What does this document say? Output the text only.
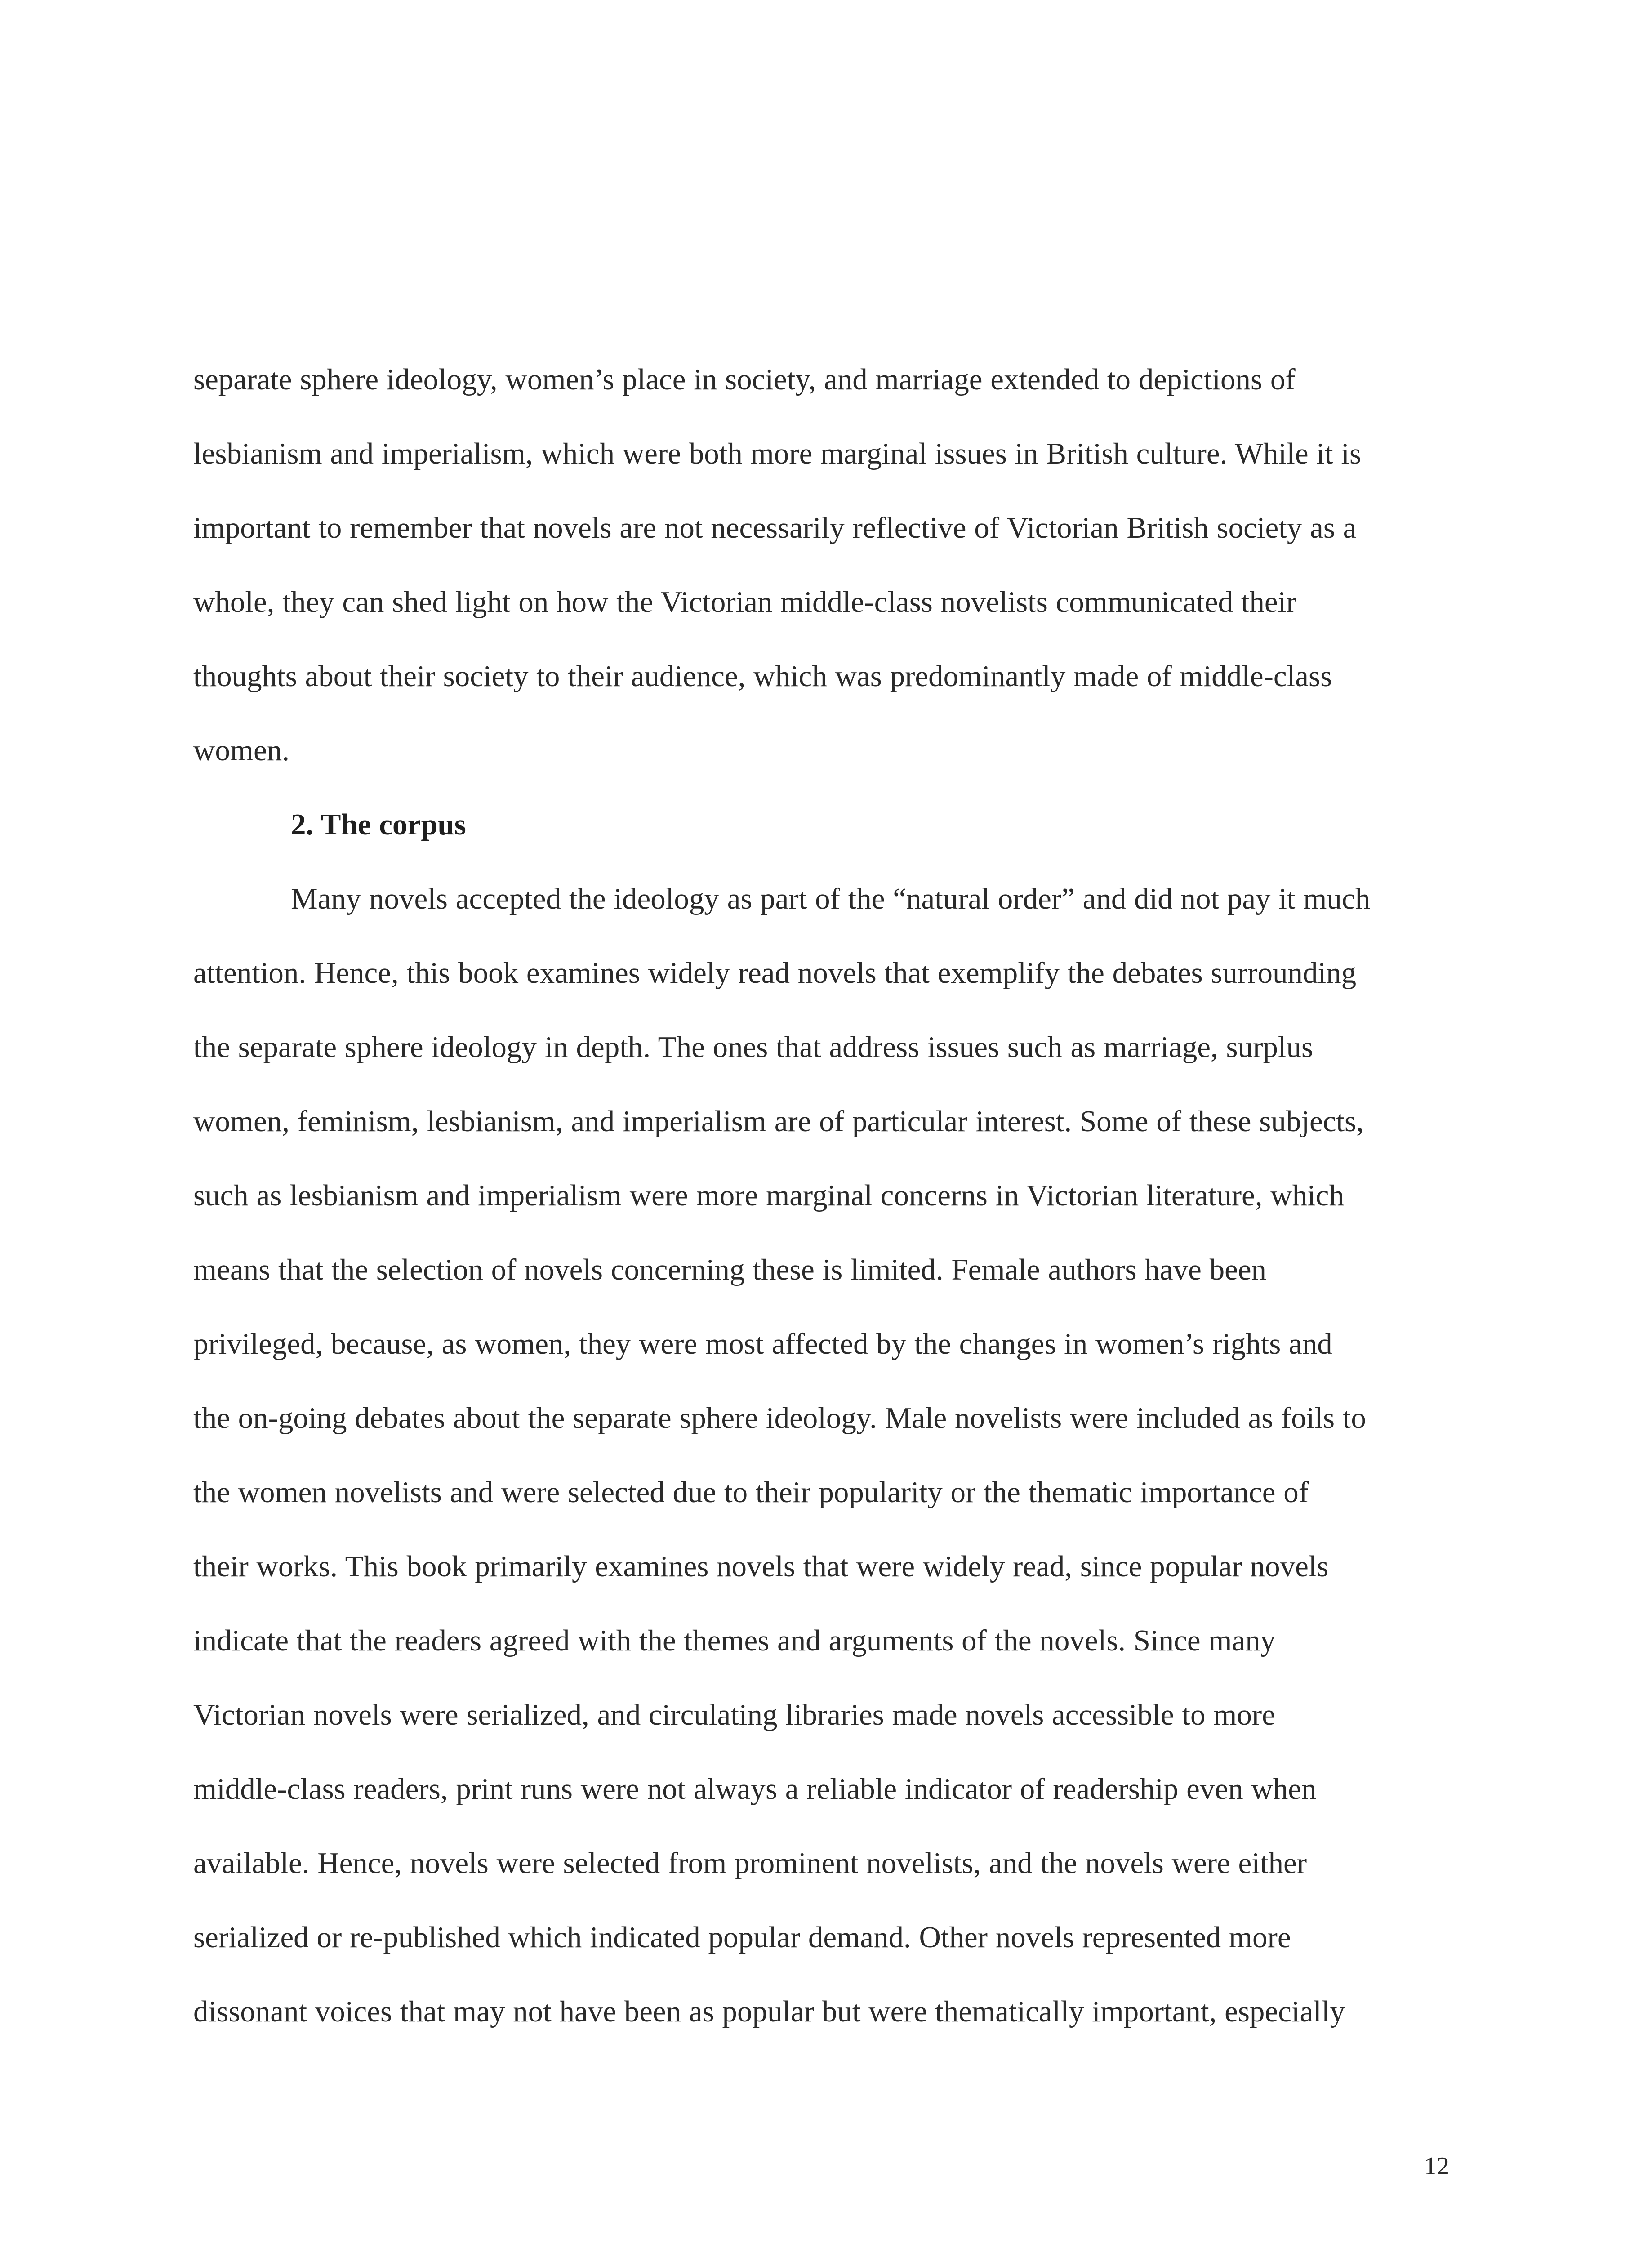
separate sphere ideology, women’s place in society, and marriage extended to depictions of
lesbianism and imperialism, which were both more marginal issues in British culture. While it is
important to remember that novels are not necessarily reflective of Victorian British society as a
whole, they can shed light on how the Victorian middle-class novelists communicated their
thoughts about their society to their audience, which was predominantly made of middle-class
women.
2. The corpus
Many novels accepted the ideology as part of the “natural order” and did not pay it much
attention. Hence, this book examines widely read novels that exemplify the debates surrounding
the separate sphere ideology in depth. The ones that address issues such as marriage, surplus
women, feminism, lesbianism, and imperialism are of particular interest. Some of these subjects,
such as lesbianism and imperialism were more marginal concerns in Victorian literature, which
means that the selection of novels concerning these is limited. Female authors have been
privileged, because, as women, they were most affected by the changes in women’s rights and
the on-going debates about the separate sphere ideology. Male novelists were included as foils to
the women novelists and were selected due to their popularity or the thematic importance of
their works. This book primarily examines novels that were widely read, since popular novels
indicate that the readers agreed with the themes and arguments of the novels. Since many
Victorian novels were serialized, and circulating libraries made novels accessible to more
middle-class readers, print runs were not always a reliable indicator of readership even when
available. Hence, novels were selected from prominent novelists, and the novels were either
serialized or re-published which indicated popular demand. Other novels represented more
dissonant voices that may not have been as popular but were thematically important, especially
12
